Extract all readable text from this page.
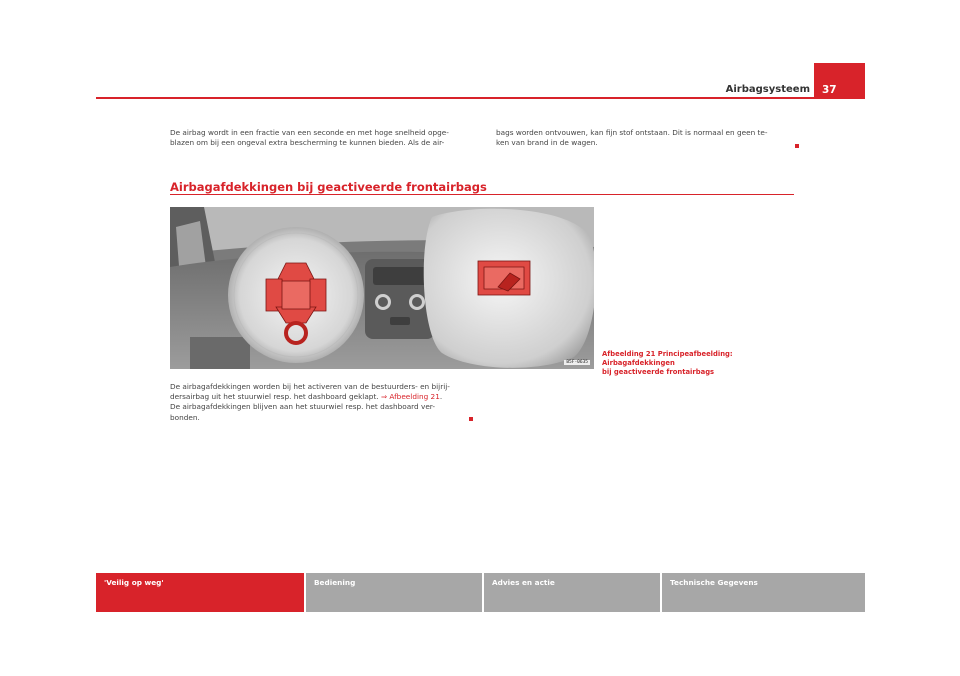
Airbagsysteem 37

De airbag wordt in een fractie van een seconde en met hoge snelheid opge-
blazen om bij een ongeval extra bescherming te kunnen bieden. Als de air-

bags worden ontvouwen, kan fijn stof ontstaan. Dit is normaal en geen te-
ken van brand in de wagen.

Airbagafdekkingen bij geactiveerde frontairbags
B5F-0635
Afbeelding 21 Principeafbeelding: Airbagafdekkingen
bij geactiveerde frontairbags

De airbagafdekkingen worden bij het activeren van de bestuurders- en bijrij-
dersairbag uit het stuurwiel resp. het dashboard geklapt. ⇒ Afbeelding 21.
De airbagafdekkingen blijven aan het stuurwiel resp. het dashboard ver-
bonden.

'Veilig op weg'	Bediening	Advies en actie	Technische Gegevens
